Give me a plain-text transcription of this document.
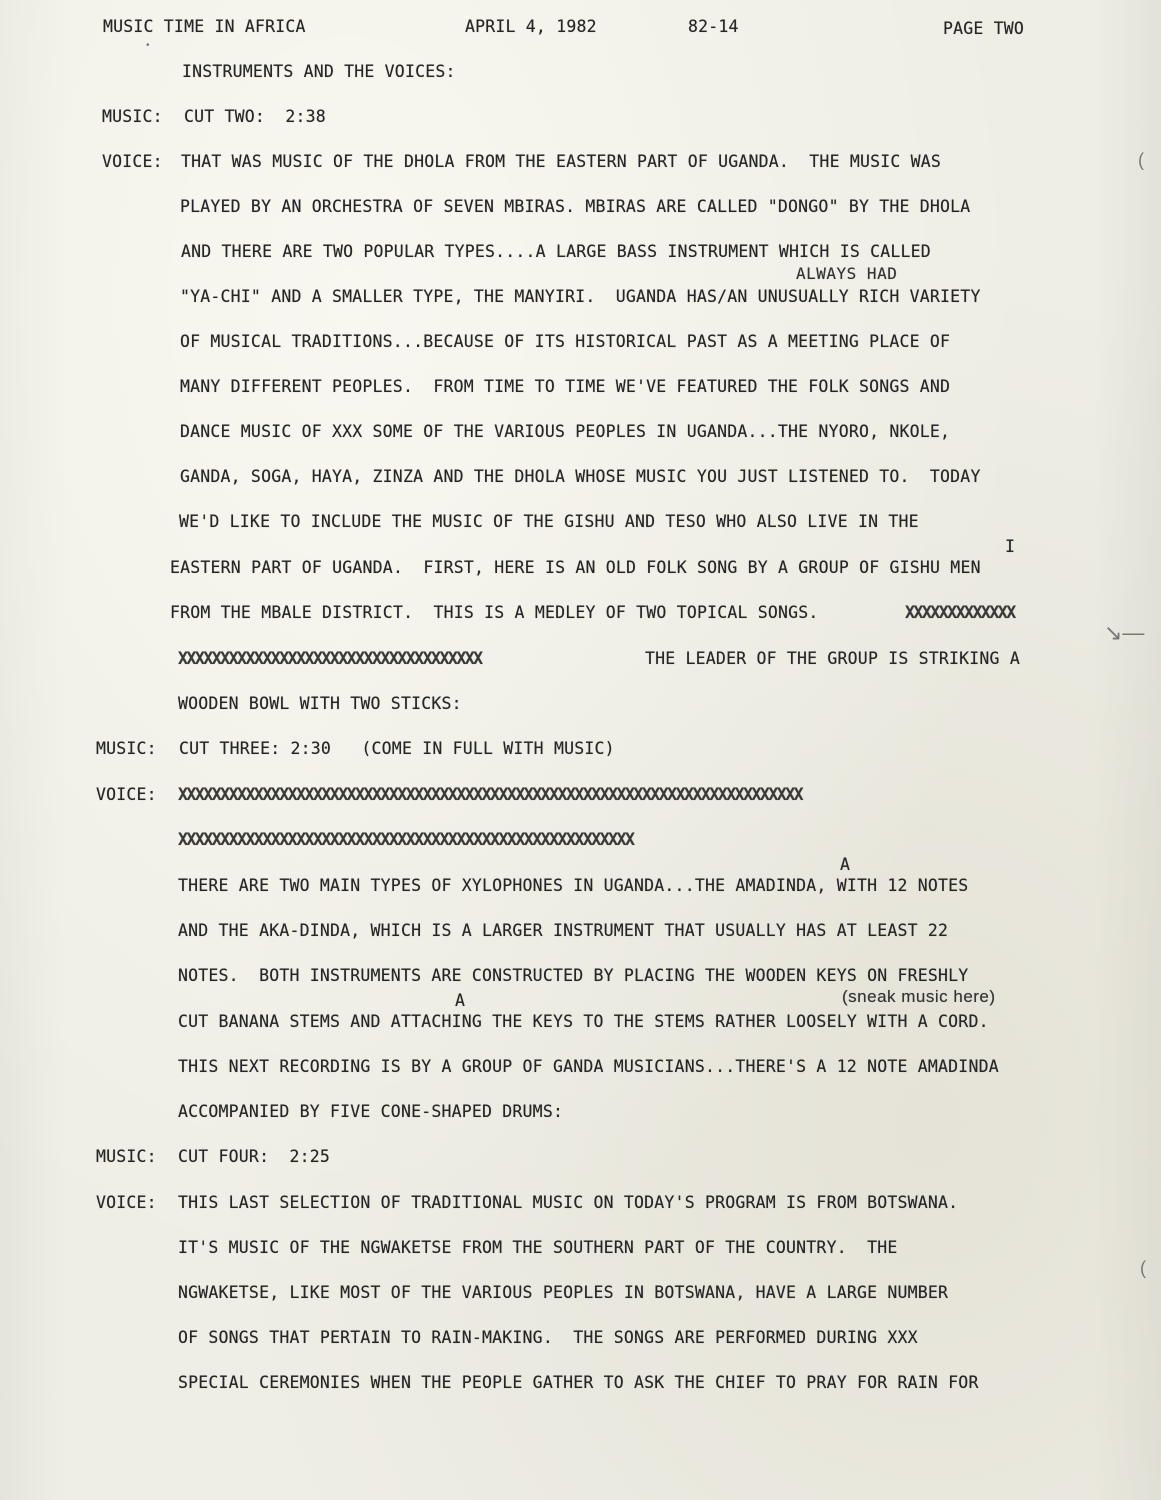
MUSIC TIME IN AFRICA	APRIL 4, 1982	82-14	PAGE TWO
•
(
↘—
INSTRUMENTS AND THE VOICES:
MUSIC: CUT TWO:  2:38
VOICE: THAT WAS MUSIC OF THE DHOLA FROM THE EASTERN PART OF UGANDA.  THE MUSIC WAS
PLAYED BY AN ORCHESTRA OF SEVEN MBIRAS. MBIRAS ARE CALLED "DONGO" BY THE DHOLA
AND THERE ARE TWO POPULAR TYPES....A LARGE BASS INSTRUMENT WHICH IS CALLED
ALWAYS HAD
"YA-CHI" AND A SMALLER TYPE, THE MANYIRI.  UGANDA HAS/AN UNUSUALLY RICH VARIETY
OF MUSICAL TRADITIONS...BECAUSE OF ITS HISTORICAL PAST AS A MEETING PLACE OF
MANY DIFFERENT PEOPLES.  FROM TIME TO TIME WE'VE FEATURED THE FOLK SONGS AND
DANCE MUSIC OF XXX SOME OF THE VARIOUS PEOPLES IN UGANDA...THE NYORO, NKOLE,
GANDA, SOGA, HAYA, ZINZA AND THE DHOLA WHOSE MUSIC YOU JUST LISTENED TO.  TODAY
WE'D LIKE TO INCLUDE THE MUSIC OF THE GISHU AND TESO WHO ALSO LIVE IN THE
I
EASTERN PART OF UGANDA.  FIRST, HERE IS AN OLD FOLK SONG BY A GROUP OF GISHU MEN
FROM THE MBALE DISTRICT.  THIS IS A MEDLEY OF TWO TOPICAL SONGS.	XXXXXXXXXXXXX
XXXXXXXXXXXXXXXXXXXXXXXXXXXXXXXXXXXX	THE LEADER OF THE GROUP IS STRIKING A
WOODEN BOWL WITH TWO STICKS:
MUSIC: CUT THREE: 2:30   (COME IN FULL WITH MUSIC)
VOICE: XXXXXXXXXXXXXXXXXXXXXXXXXXXXXXXXXXXXXXXXXXXXXXXXXXXXXXXXXXXXXXXXXXXXXXXXXX
XXXXXXXXXXXXXXXXXXXXXXXXXXXXXXXXXXXXXXXXXXXXXXXXXXXXXX
A
THERE ARE TWO MAIN TYPES OF XYLOPHONES IN UGANDA...THE AMADINDA, WITH 12 NOTES
AND THE AKA-DINDA, WHICH IS A LARGER INSTRUMENT THAT USUALLY HAS AT LEAST 22
NOTES.  BOTH INSTRUMENTS ARE CONSTRUCTED BY PLACING THE WOODEN KEYS ON FRESHLY
A	(sneak music here)
CUT BANANA STEMS AND ATTACHING THE KEYS TO THE STEMS RATHER LOOSELY WITH A CORD.
THIS NEXT RECORDING IS BY A GROUP OF GANDA MUSICIANS...THERE'S A 12 NOTE AMADINDA
ACCOMPANIED BY FIVE CONE-SHAPED DRUMS:
MUSIC: CUT FOUR:  2:25
VOICE: THIS LAST SELECTION OF TRADITIONAL MUSIC ON TODAY'S PROGRAM IS FROM BOTSWANA.
IT'S MUSIC OF THE NGWAKETSE FROM THE SOUTHERN PART OF THE COUNTRY.  THE
NGWAKETSE, LIKE MOST OF THE VARIOUS PEOPLES IN BOTSWANA, HAVE A LARGE NUMBER
OF SONGS THAT PERTAIN TO RAIN-MAKING.  THE SONGS ARE PERFORMED DURING XXX
SPECIAL CEREMONIES WHEN THE PEOPLE GATHER TO ASK THE CHIEF TO PRAY FOR RAIN FOR
(
